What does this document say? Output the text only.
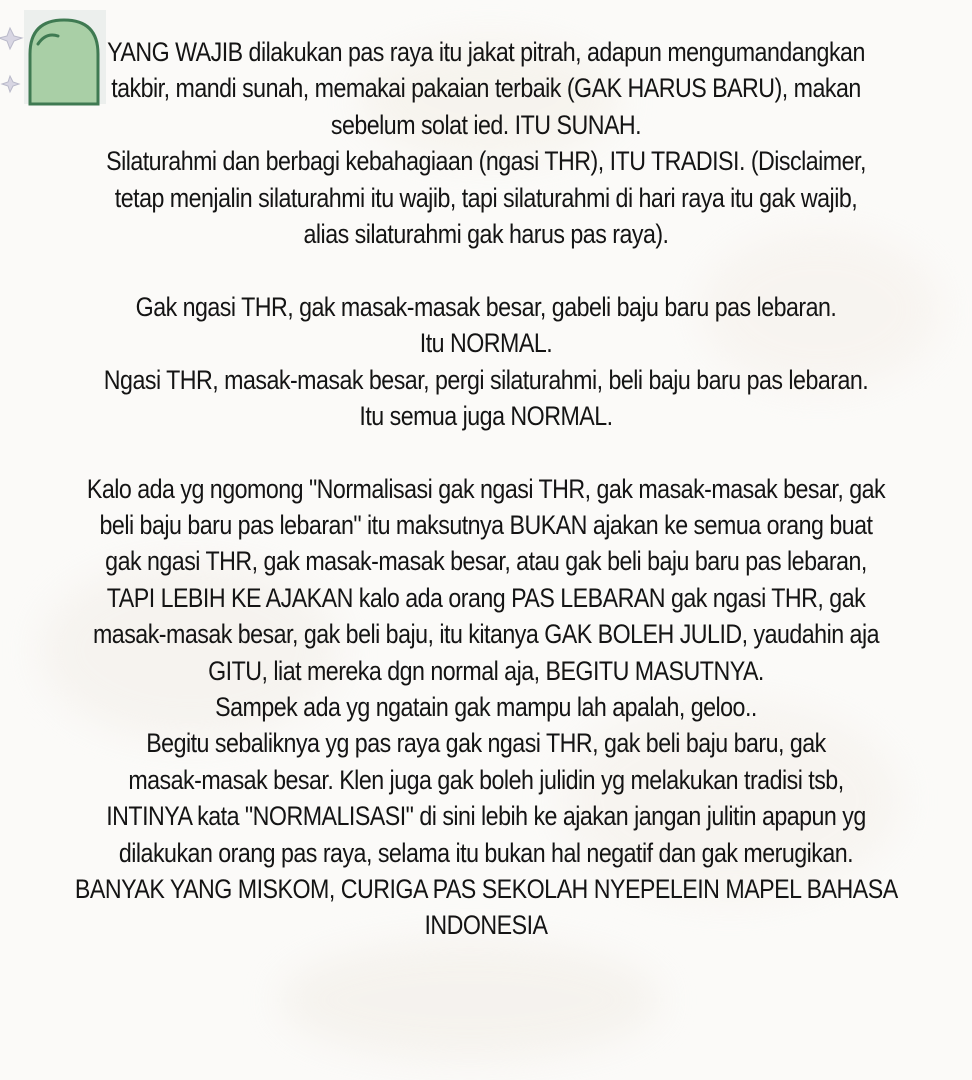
YANG WAJIB dilakukan pas raya itu jakat pitrah, adapun mengumandangkan
takbir, mandi sunah, memakai pakaian terbaik (GAK HARUS BARU), makan
sebelum solat ied. ITU SUNAH.
Silaturahmi dan berbagi kebahagiaan (ngasi THR), ITU TRADISI. (Disclaimer,
tetap menjalin silaturahmi itu wajib, tapi silaturahmi di hari raya itu gak wajib,
alias silaturahmi gak harus pas raya).
Gak ngasi THR, gak masak-masak besar, gabeli baju baru pas lebaran.
Itu NORMAL.
Ngasi THR, masak-masak besar, pergi silaturahmi, beli baju baru pas lebaran.
Itu semua juga NORMAL.
Kalo ada yg ngomong "Normalisasi gak ngasi THR, gak masak-masak besar, gak
beli baju baru pas lebaran" itu maksutnya BUKAN ajakan ke semua orang buat
gak ngasi THR, gak masak-masak besar, atau gak beli baju baru pas lebaran,
TAPI LEBIH KE AJAKAN kalo ada orang PAS LEBARAN gak ngasi THR, gak
masak-masak besar, gak beli baju, itu kitanya GAK BOLEH JULID, yaudahin aja
GITU, liat mereka dgn normal aja, BEGITU MASUTNYA.
Sampek ada yg ngatain gak mampu lah apalah, geloo..
Begitu sebaliknya yg pas raya gak ngasi THR, gak beli baju baru, gak
masak-masak besar. Klen juga gak boleh julidin yg melakukan tradisi tsb,
INTINYA kata "NORMALISASI" di sini lebih ke ajakan jangan julitin apapun yg
dilakukan orang pas raya, selama itu bukan hal negatif dan gak merugikan.
BANYAK YANG MISKOM, CURIGA PAS SEKOLAH NYEPELEIN MAPEL BAHASA
INDONESIA
